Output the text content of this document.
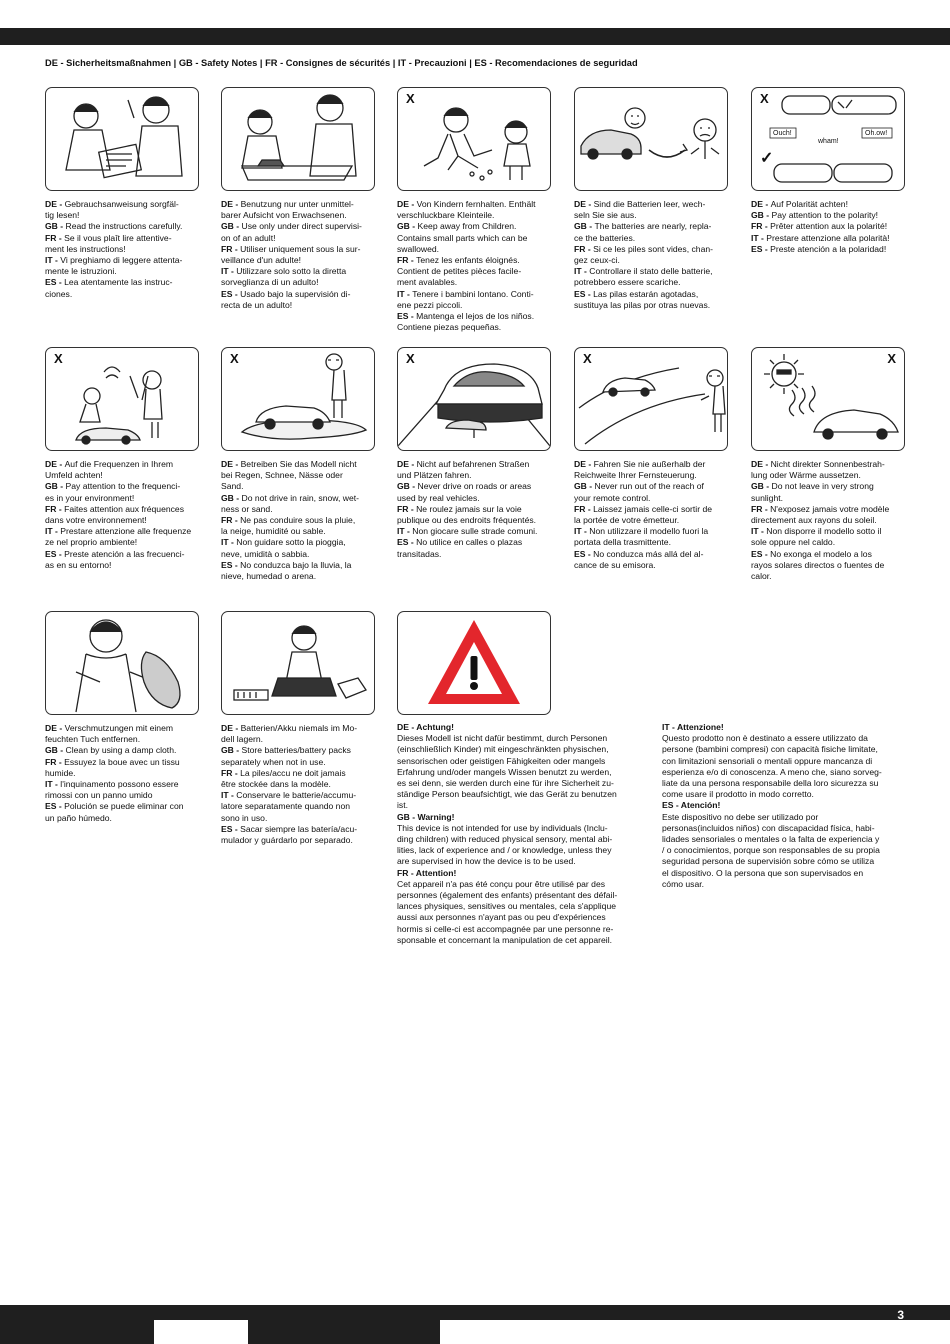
DE - Sicherheitsmaßnahmen | GB - Safety Notes | FR - Consignes de sécurités | IT - Precauzioni | ES - Recomendaciones de seguridad
DE - Gebrauchsanweisung sorgfäl-
tig lesen!
GB - Read the instructions carefully.
FR - Se il vous plaît lire attentive-
ment les instructions!
IT - Vi preghiamo di leggere attenta-
mente le istruzioni.
ES - Lea atentamente las instruc-
ciones.
DE - Benutzung nur unter unmittel-
barer Aufsicht von Erwachsenen.
GB - Use only under direct supervisi-
on of an adult!
FR - Utiliser uniquement sous la sur-
veillance d'un adulte!
IT - Utilizzare solo sotto la diretta
sorveglianza di un adulto!
ES - Usado bajo la supervisión di-
recta de un adulto!
X
DE - Von Kindern fernhalten. Enthält
verschluckbare Kleinteile.
GB - Keep away from Children.
Contains small parts which can be
swallowed.
FR - Tenez les enfants éloignés.
Contient de petites pièces facile-
ment avalables.
IT - Tenere i bambini lontano. Conti-
ene pezzi piccoli.
ES - Mantenga el lejos de los niños.
Contiene piezas pequeñas.
DE - Sind die Batterien leer, wech-
seln Sie sie aus.
GB - The batteries are nearly, repla-
ce the batteries.
FR - Si ce les piles sont vides, chan-
gez ceux-ci.
IT - Controllare il stato delle batterie,
potrebbero essere scariche.
ES - Las pilas estarán agotadas,
sustituya las pilas por otras nuevas.
X
✓
Ouch!	Oh.ow!
wham!
DE - Auf Polarität achten!
GB - Pay attention to the polarity!
FR - Prêter attention aux la polarité!
IT - Prestare attenzione alla polarità!
ES - Preste atención a la polaridad!
X
DE - Auf die Frequenzen in Ihrem
Umfeld achten!
GB - Pay attention to the frequenci-
es in your environment!
FR - Faites attention aux fréquences
dans votre environnement!
IT - Prestare attenzione alle frequenze
ze nel proprio ambiente!
ES - Preste atención a las frecuenci-
as en su entorno!
X
DE - Betreiben Sie das Modell nicht
bei Regen, Schnee, Nässe oder
Sand.
GB - Do not drive in rain, snow, wet-
ness or sand.
FR - Ne pas conduire sous la pluie,
la neige, humidité ou sable.
IT - Non guidare sotto la pioggia,
neve, umidità o sabbia.
ES - No conduzca bajo la lluvia, la
nieve, humedad o arena.
X
DE - Nicht auf befahrenen Straßen
und Plätzen fahren.
GB - Never drive on roads or areas
used by real vehicles.
FR - Ne roulez jamais sur la voie
publique ou des endroits fréquentés.
IT - Non giocare sulle strade comuni.
ES - No utilice en calles o plazas
transitadas.
X
DE - Fahren Sie nie außerhalb der
Reichweite Ihrer Fernsteuerung.
GB - Never run out of the reach of
your remote control.
FR - Laissez jamais celle-ci sortir de
la portée de votre émetteur.
IT - Non utilizzare il modello fuori la
portata della trasmittente.
ES - No conduzca más allá del al-
cance de su emisora.
X
DE - Nicht direkter Sonnenbestrah-
lung oder Wärme aussetzen.
GB - Do not leave in very strong
sunlight.
FR - N'exposez jamais votre modèle
directement aux rayons du soleil.
IT - Non disporre il modello sotto il
sole oppure nel caldo.
ES - No exonga el modelo a los
rayos solares directos o fuentes de
calor.
DE - Verschmutzungen mit einem
feuchten Tuch entfernen.
GB - Clean by using a damp cloth.
FR - Essuyez la boue avec un tissu
humide.
IT - l'inquinamento possono essere
rimossi con un panno umido
ES - Polución se puede eliminar con
un paño húmedo.
DE - Batterien/Akku niemals im Mo-
dell lagern.
GB - Store batteries/battery packs
separately when not in use.
FR - La piles/accu ne doit jamais
être stockée dans la modèle.
IT - Conservare le batterie/accumu-
latore separatamente quando non
sono in uso.
ES - Sacar siempre las batería/acu-
mulador y guárdarlo por separado.
DE - Achtung!
Dieses Modell ist nicht dafür bestimmt, durch Personen
(einschließlich Kinder) mit eingeschränkten physischen,
sensorischen oder geistigen Fähigkeiten oder mangels
Erfahrung und/oder mangels Wissen benutzt zu werden,
es sei denn, sie werden durch eine für ihre Sicherheit zu-
ständige Person beaufsichtigt, wie das Gerät zu benutzen
ist.
GB - Warning!
This device is not intended for use by individuals (Inclu-
ding children) with reduced physical sensory, mental abi-
lities, lack of experience and / or knowledge, unless they
are supervised in how the device is to be used.
FR - Attention!
Cet appareil n'a pas été conçu pour être utilisé par des
personnes (également des enfants) présentant des défail-
lances physiques, sensitives ou mentales, cela s'applique
aussi aux personnes n'ayant pas ou peu d'expériences
hormis si celle-ci est accompagnée par une personne re-
sponsable et concernant la manipulation de cet appareil.
IT - Attenzione!
Questo prodotto non è destinato a essere utilizzato da
persone (bambini compresi) con capacità fisiche limitate,
con limitazioni sensoriali o mentali oppure mancanza di
esperienza e/o di conoscenza. A meno che, siano sorveg-
liate da una persona responsabile della loro sicurezza su
come usare il prodotto in modo corretto.
ES - Atención!
Este dispositivo no debe ser utilizado por
personas(incluidos niños) con discapacidad física, habi-
lidades sensoriales o mentales o la falta de experiencia y
/ o conocimientos, porque son responsables de su propia
seguridad persona de supervisión sobre cómo se utiliza
el dispositivo. O la persona que son supervisados en
cómo usar.
3
